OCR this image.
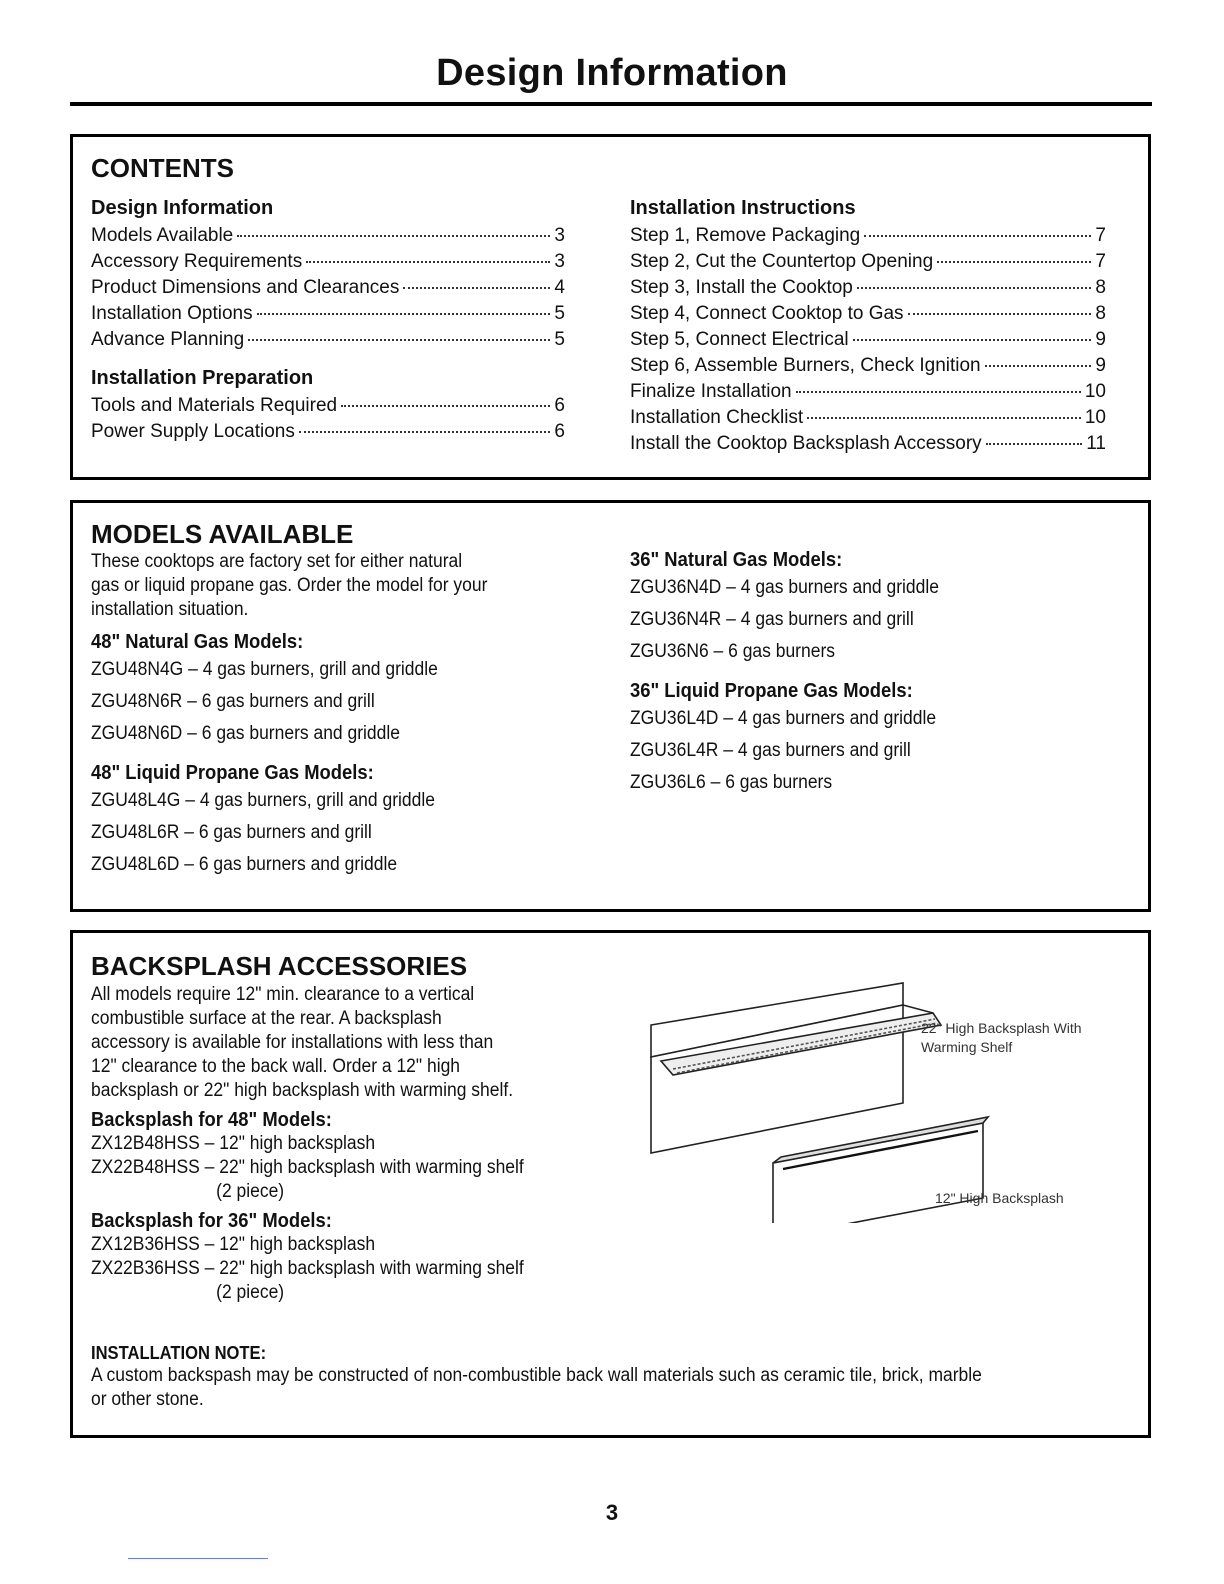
Design Information
CONTENTS
Design Information
Models Available	3
Accessory Requirements	3
Product Dimensions and Clearances	4
Installation Options	5
Advance Planning	5
Installation Preparation
Tools and Materials Required	6
Power Supply Locations	6
Installation Instructions
Step 1, Remove Packaging	7
Step 2, Cut the Countertop Opening	7
Step 3, Install the Cooktop	8
Step 4, Connect Cooktop to Gas	8
Step 5, Connect Electrical	9
Step 6, Assemble Burners, Check Ignition	9
Finalize Installation	10
Installation Checklist	10
Install the Cooktop Backsplash Accessory	11
MODELS AVAILABLE
These cooktops are factory set for either natural
gas or liquid propane gas. Order the model for your
installation situation.
48" Natural Gas Models:
ZGU48N4G – 4 gas burners, grill and griddle
ZGU48N6R – 6 gas burners and grill
ZGU48N6D – 6 gas burners and griddle
48" Liquid Propane Gas Models:
ZGU48L4G – 4 gas burners, grill and griddle
ZGU48L6R – 6 gas burners and grill
ZGU48L6D – 6 gas burners and griddle
36" Natural Gas Models:
ZGU36N4D – 4 gas burners and griddle
ZGU36N4R – 4 gas burners and grill
ZGU36N6 – 6 gas burners
36" Liquid Propane Gas Models:
ZGU36L4D – 4 gas burners and griddle
ZGU36L4R – 4 gas burners and grill
ZGU36L6 – 6 gas burners
BACKSPLASH ACCESSORIES
All models require 12" min. clearance to a vertical
combustible surface at the rear. A backsplash
accessory is available for installations with less than
12" clearance to the back wall. Order a 12" high
backsplash or 22" high backsplash with warming shelf.
Backsplash for 48" Models:
ZX12B48HSS – 12" high backsplash
ZX22B48HSS – 22" high backsplash with warming shelf
(2 piece)
Backsplash for 36" Models:
ZX12B36HSS – 12" high backsplash
ZX22B36HSS – 22" high backsplash with warming shelf
(2 piece)
22" High Backsplash With
Warming Shelf
12" High Backsplash
INSTALLATION NOTE:
A custom backspash may be constructed of non-combustible back wall materials such as ceramic tile, brick, marble
or other stone.
3
